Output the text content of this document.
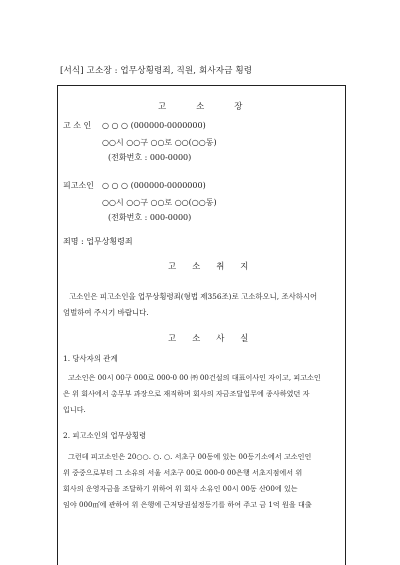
[서식] 고소장 : 업무상횡령죄, 직원, 회사자금 횡령
고	소	장
고 소 인 ○ ○ ○ (000000-0000000)
○○시 ○○구 ○○로 ○○(○○동)
(전화번호 : 000-0000)
피고소인 ○ ○ ○ (000000-0000000)
○○시 ○○구 ○○로 ○○(○○동)
(전화번호 : 000-0000)
죄명 : 업무상횡령죄
고 소 취 지
고소인은 피고소인을 업무상횡령죄(형법 제356조)로 고소하오니, 조사하시어
엄벌하여 주시기 바랍니다.
고 소 사 실
1. 당사자의 관계
고소인은 00시 00구 000로 000-0 00 ㈜ 00건설의 대표이사인 자이고, 피고소인
은 위 회사에서 총무부 과장으로 재직하며 회사의 자금조달업무에 종사하였던 자
입니다.
2. 피고소인의 업무상횡령
그런데 피고소인은 20○○. ○. ○. 서초구 00동에 있는 00등기소에서 고소인인
위 중중으로부터 그 소유의 서울 서초구 00로 000-0 00은행 서초지점에서 위
회사의 운영자금을 조달하기 위하여 위 회사 소유인 00시 00동 산00에 있는
임야 000㎡에 관하여 위 은행에 근저당권설정등기를 하여 주고 금 1억 원을 대출
